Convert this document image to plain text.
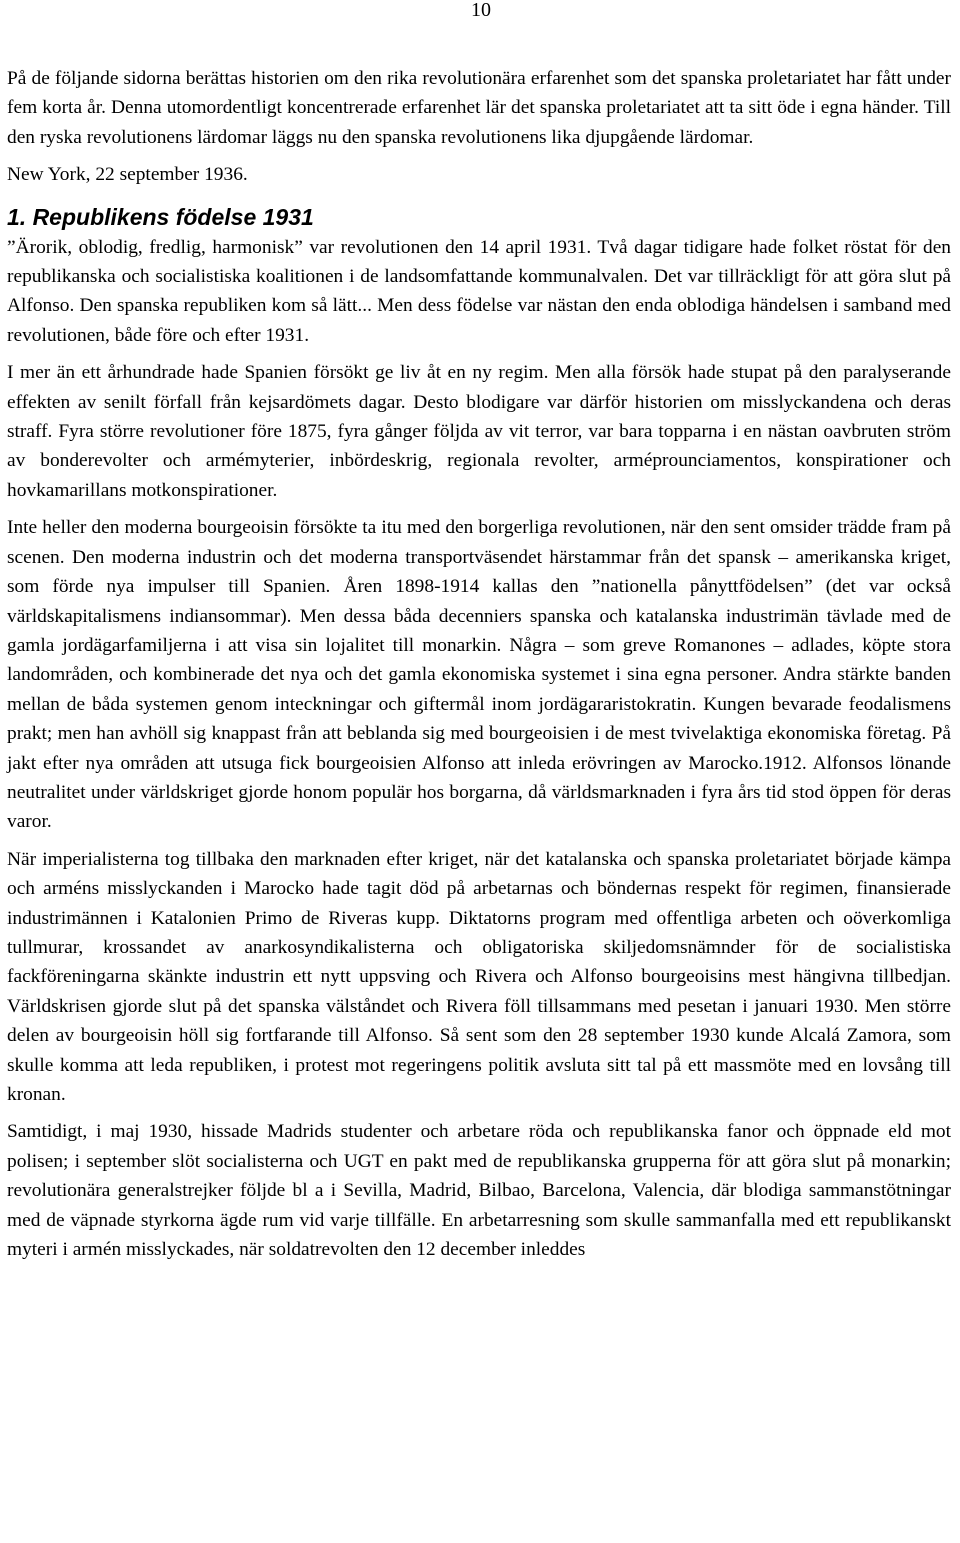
10

På de följande sidorna berättas historien om den rika revolutionära erfarenhet som det spanska proletariatet har fått under fem korta år. Denna utomordentligt koncentrerade erfarenhet lär det spanska proletariatet att ta sitt öde i egna händer. Till den ryska revolutionens lärdomar läggs nu den spanska revolutionens lika djupgående lärdomar.

New York, 22 september 1936.

1. Republikens födelse 1931

”Ärorik, oblodig, fredlig, harmonisk” var revolutionen den 14 april 1931. Två dagar tidigare hade folket röstat för den republikanska och socialistiska koalitionen i de landsomfattande kommunalvalen. Det var tillräckligt för att göra slut på Alfonso. Den spanska republiken kom så lätt... Men dess födelse var nästan den enda oblodiga händelsen i samband med revolutionen, både före och efter 1931.

I mer än ett århundrade hade Spanien försökt ge liv åt en ny regim. Men alla försök hade stupat på den paralyserande effekten av senilt förfall från kejsardömets dagar. Desto blodigare var därför historien om misslyckandena och deras straff. Fyra större revolutioner före 1875, fyra gånger följda av vit terror, var bara topparna i en nästan oavbruten ström av bonderevolter och armémyterier, inbördeskrig, regionala revolter, arméprounciamentos, konspirationer och hovkamarillans motkonspirationer.

Inte heller den moderna bourgeoisin försökte ta itu med den borgerliga revolutionen, när den sent omsider trädde fram på scenen. Den moderna industrin och det moderna transportväsendet härstammar från det spansk – amerikanska kriget, som förde nya impulser till Spanien. Åren 1898-1914 kallas den ”nationella pånyttfödelsen” (det var också världskapitalismens indiansommar). Men dessa båda decenniers spanska och katalanska industrimän tävlade med de gamla jordägarfamiljerna i att visa sin lojalitet till monarkin. Några – som greve Romanones – adlades, köpte stora landområden, och kombinerade det nya och det gamla ekonomiska systemet i sina egna personer. Andra stärkte banden mellan de båda systemen genom inteckningar och giftermål inom jordägararistokratin. Kungen bevarade feodalismens prakt; men han avhöll sig knappast från att beblanda sig med bourgeoisien i de mest tvivelaktiga ekonomiska företag. På jakt efter nya områden att utsuga fick bourgeoisien Alfonso att inleda erövringen av Marocko.1912. Alfonsos lönande neutralitet under världskriget gjorde honom populär hos borgarna, då världsmarknaden i fyra års tid stod öppen för deras varor.

När imperialisterna tog tillbaka den marknaden efter kriget, när det katalanska och spanska proletariatet började kämpa och arméns misslyckanden i Marocko hade tagit död på arbetarnas och böndernas respekt för regimen, finansierade industrimännen i Katalonien Primo de Riveras kupp. Diktatorns program med offentliga arbeten och oöverkomliga tullmurar, krossandet av anarkosyndikalisterna och obligatoriska skiljedomsnämnder för de socialistiska fackföreningarna skänkte industrin ett nytt uppsving och Rivera och Alfonso bourgeoisins mest hängivna tillbedjan. Världskrisen gjorde slut på det spanska välståndet och Rivera föll tillsammans med pesetan i januari 1930. Men större delen av bourgeoisin höll sig fortfarande till Alfonso. Så sent som den 28 september 1930 kunde Alcalá Zamora, som skulle komma att leda republiken, i protest mot regeringens politik avsluta sitt tal på ett massmöte med en lovsång till kronan.

Samtidigt, i maj 1930, hissade Madrids studenter och arbetare röda och republikanska fanor och öppnade eld mot polisen; i september slöt socialisterna och UGT en pakt med de republikanska grupperna för att göra slut på monarkin; revolutionära generalstrejker följde bl a i Sevilla, Madrid, Bilbao, Barcelona, Valencia, där blodiga sammanstötningar med de väpnade styrkorna ägde rum vid varje tillfälle. En arbetarresning som skulle sammanfalla med ett republikanskt myteri i armén misslyckades, när soldatrevolten den 12 december inleddes
